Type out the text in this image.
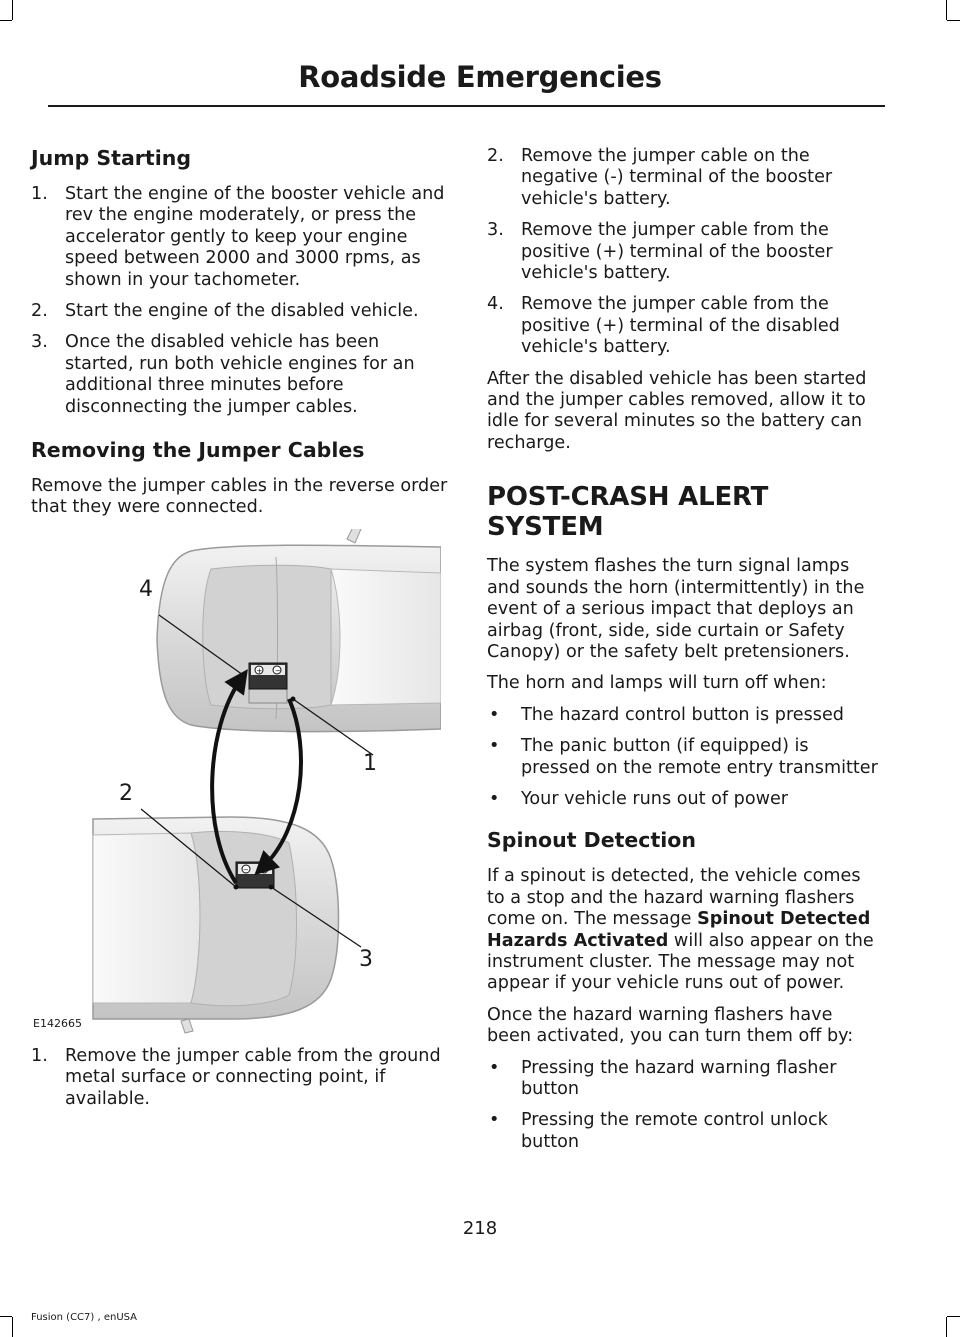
Roadside Emergencies
Jump Starting
1. Start the engine of the booster vehicle and rev the engine moderately, or press the accelerator gently to keep your engine speed between 2000 and 3000 rpms, as shown in your tachometer.
2. Start the engine of the disabled vehicle.
3. Once the disabled vehicle has been started, run both vehicle engines for an additional three minutes before disconnecting the jumper cables.
Removing the Jumper Cables

Remove the jumper cables in the reverse order that they were connected.

+ −
− +
4
1
2
3
E142665
1. Remove the jumper cable from the ground metal surface or connecting point, if available.
2. Remove the jumper cable on the negative (-) terminal of the booster vehicle's battery.
3. Remove the jumper cable from the positive (+) terminal of the booster vehicle's battery.
4. Remove the jumper cable from the positive (+) terminal of the disabled vehicle's battery.

After the disabled vehicle has been started and the jumper cables removed, allow it to idle for several minutes so the battery can recharge.

POST-CRASH ALERT SYSTEM

The system flashes the turn signal lamps and sounds the horn (intermittently) in the event of a serious impact that deploys an airbag (front, side, side curtain or Safety Canopy) or the safety belt pretensioners.

The horn and lamps will turn off when:

• The hazard control button is pressed
• The panic button (if equipped) is pressed on the remote entry transmitter
• Your vehicle runs out of power
Spinout Detection

If a spinout is detected, the vehicle comes to a stop and the hazard warning flashers come on. The message Spinout Detected Hazards Activated will also appear on the instrument cluster. The message may not appear if your vehicle runs out of power.

Once the hazard warning flashers have been activated, you can turn them off by:

• Pressing the hazard warning flasher button
• Pressing the remote control unlock button
218
Fusion (CC7) , enUSA
